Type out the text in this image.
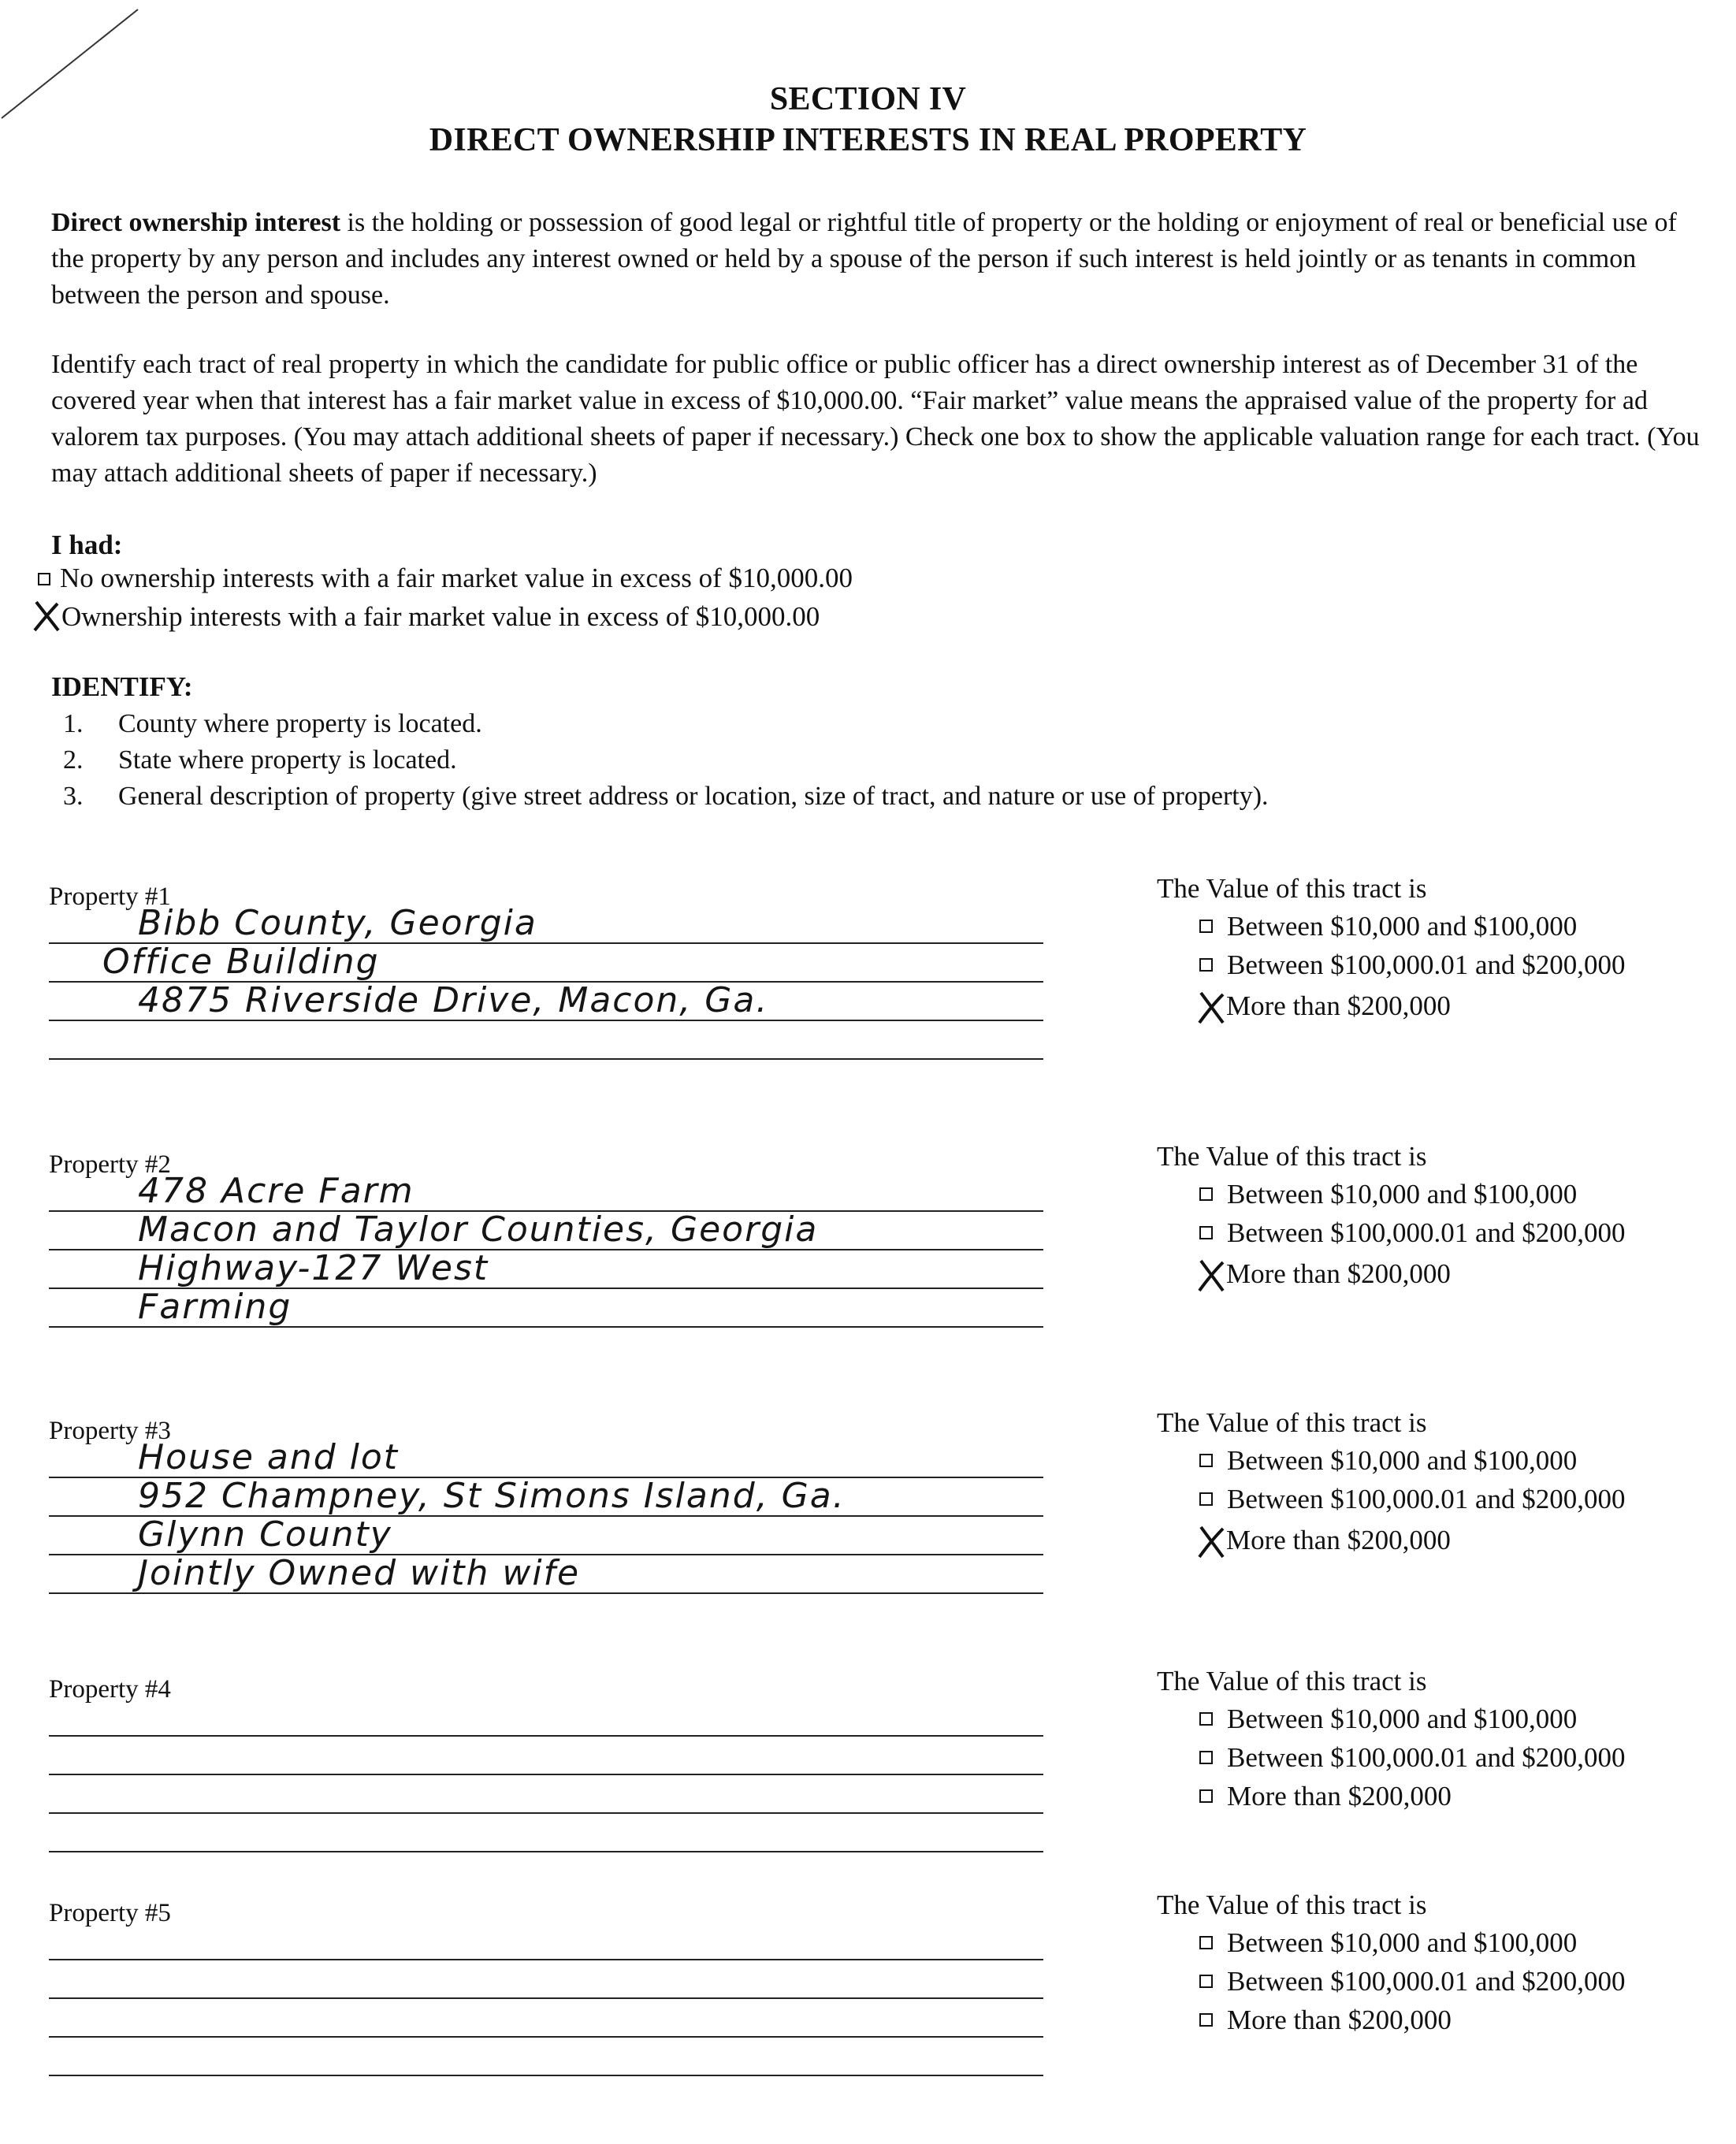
SECTION IV
DIRECT OWNERSHIP INTERESTS IN REAL PROPERTY
Direct ownership interest is the holding or possession of good legal or rightful title of property or the holding or enjoyment of real or beneficial use of the property by any person and includes any interest owned or held by a spouse of the person if such interest is held jointly or as tenants in common between the person and spouse.
Identify each tract of real property in which the candidate for public office or public officer has a direct ownership interest as of December 31 of the covered year when that interest has a fair market value in excess of $10,000.00. “Fair market” value means the appraised value of the property for ad valorem tax purposes. (You may attach additional sheets of paper if necessary.) Check one box to show the applicable valuation range for each tract. (You may attach additional sheets of paper if necessary.)
I had:
No ownership interests with a fair market value in excess of $10,000.00
Ownership interests with a fair market value in excess of $10,000.00
IDENTIFY:
1. County where property is located.
2. State where property is located.
3. General description of property (give street address or location, size of tract, and nature or use of property).
Property #1
Bibb County, Georgia
Office Building
4875 Riverside Drive, Macon, Ga.
The Value of this tract is
Between $10,000 and $100,000
Between $100,000.01 and $200,000
More than $200,000
Property #2
478 Acre Farm
Macon and Taylor Counties, Georgia
Highway-127 West
Farming
The Value of this tract is
Between $10,000 and $100,000
Between $100,000.01 and $200,000
More than $200,000
Property #3
House and lot
952 Champney, St Simons Island, Ga.
Glynn County
Jointly Owned with wife
The Value of this tract is
Between $10,000 and $100,000
Between $100,000.01 and $200,000
More than $200,000
Property #4	The Value of this tract is
Between $10,000 and $100,000
Between $100,000.01 and $200,000
More than $200,000
Property #5	The Value of this tract is
Between $10,000 and $100,000
Between $100,000.01 and $200,000
More than $200,000
